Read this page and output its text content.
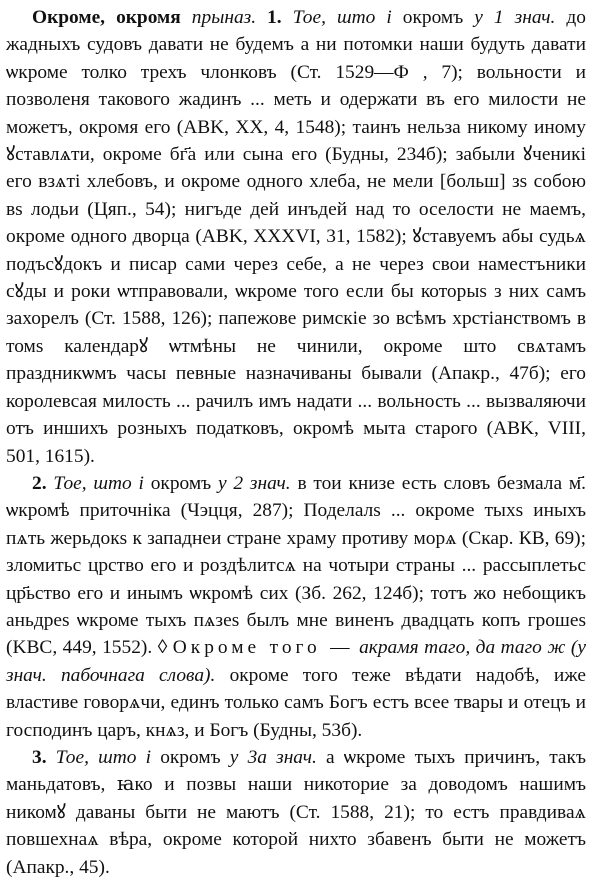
Окроме, окромя прыназ. 1. Тое, што і окромъ у 1 знач. до жадныхъ судовъ давати не будемъ а ни потомки наши будуть давати ѡкроме толко трехъ члонковъ (Ст. 1529—Ф , 7); вольности и позволеня такового жадинъ ... меть и одержати въ его милости не можетъ, окромя его (ABK, XX, 4, 1548); таинъ нельза никому иному ꙋставлѧти, окроме бг҃а или сына его (Будны, 234б); забыли ꙋченикі его взѧті хлебовъ, и окроме одного хлеба, не мели [больш] зѕ собою вѕ лодьи (Цяп., 54); нигъде дей инъдей над то оселости не маемъ, окроме одного дворца (ABK, XXXVI, 31, 1582); ꙋставуемъ абы судьѧ подъсꙋдокъ и писар сами через себе, а не через свои наместъники сꙋды и роки ѡтправовали, ѡкроме того если бы которыѕ з них самъ захорелъ (Ст. 1588, 126); папежове римскіе зо всѣмъ хрстіанствомъ в томѕ календарꙋ ѡтмѣны не чинили, окроме што свѧтамъ праздникѡмъ часы певные назначиваны бывали (Апакр., 47б); его королевсая милость ... рачилъ имъ надати ... вольность ... вызваляючи отъ иншихъ розныхъ податковъ, окромѣ мыта старого (ABK, VIII, 501, 1615).

2. Тое, што і окромъ у 2 знач. в тои книзе есть словъ безмала м҃. ѡкромѣ приточніка (Чэцця, 287); Поделалѕ ... окроме тыхѕ иныхъ пѧть жерьдокѕ к западнеи стране храму противу морѧ (Скар. КВ, 69); зломитьс црство его и роздѣлитсѧ на чотыри страны ... рассыплетьс цр҃ьство его и инымъ ѡкромѣ сих (Зб. 262, 124б); тотъ жо небощикъ аньдреѕ ѡкроме тыхъ пѧзеѕ былъ мне виненъ двадцать копъ грошеѕ (KBC, 449, 1552). ◊ Окроме того — акрамя таго, да таго ж (у знач. пабочнага слова). окроме того теже вѣдати надобѣ, иже властиве говорѧчи, единъ только самъ Богъ естъ всее твары и отецъ и господинъ царъ, кнѧз, и Богъ (Будны, 53б).

3. Тое, што і окромъ у 3а знач. а ѡкроме тыхъ причинъ, такъ маньдатовъ, ꙗко и позвы наши никоторие за доводомъ нашимъ никомꙋ даваны быти не маютъ (Ст. 1588, 21); то естъ правдиваѧ повшехнаѧ вѣра, окроме которой нихто збавенъ быти не можетъ (Апакр., 45).
